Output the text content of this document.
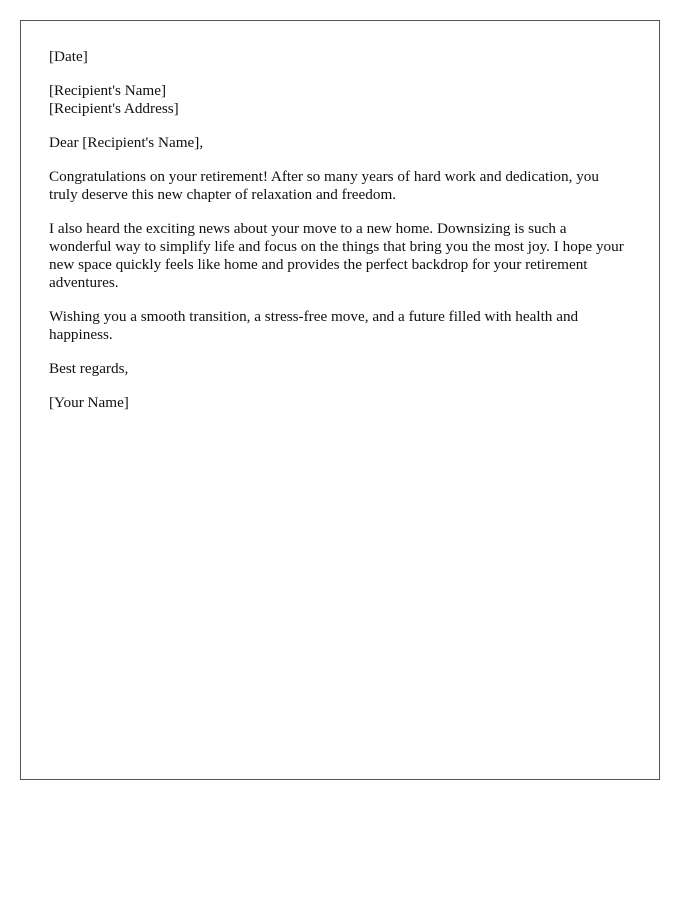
[Date]
[Recipient's Name]
[Recipient's Address]

Dear [Recipient's Name],

Congratulations on your retirement! After so many years of hard work and dedication, you truly deserve this new chapter of relaxation and freedom.

I also heard the exciting news about your move to a new home. Downsizing is such a wonderful way to simplify life and focus on the things that bring you the most joy. I hope your new space quickly feels like home and provides the perfect backdrop for your retirement adventures.

Wishing you a smooth transition, a stress-free move, and a future filled with health and happiness.

Best regards,

[Your Name]
